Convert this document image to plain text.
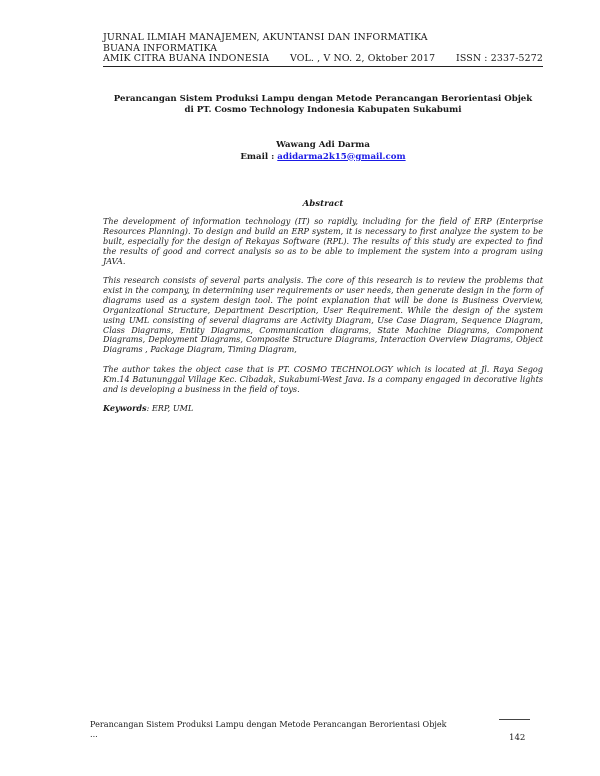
JURNAL ILMIAH MANAJEMEN, AKUNTANSI DAN INFORMATIKA
BUANA INFORMATIKA
AMIK CITRA BUANA INDONESIA VOL. , V NO. 2, Oktober 2017 ISSN : 2337-5272
Perancangan Sistem Produksi Lampu dengan Metode Perancangan Berorientasi Objek
di PT. Cosmo Technology Indonesia Kabupaten Sukabumi
Wawang Adi Darma
Email : adidarma2k15@gmail.com
Abstract

The development of information technology (IT) so rapidly, including for the field of ERP (Enterprise Resources Planning). To design and build an ERP system, it is necessary to first analyze the system to be built, especially for the design of Rekayas Software (RPL). The results of this study are expected to find the results of good and correct analysis so as to be able to implement the system into a program using JAVA.

This research consists of several parts analysis. The core of this research is to review the problems that exist in the company, in determining user requirements or user needs, then generate design in the form of diagrams used as a system design tool. The point explanation that will be done is Business Overview, Organizational Structure, Department Description, User Requirement. While the design of the system using UML consisting of several diagrams are Activity Diagram, Use Case Diagram, Sequence Diagram, Class Diagrams, Entity Diagrams, Communication diagrams, State Machine Diagrams, Component Diagrams, Deployment Diagrams, Composite Structure Diagrams, Interaction Overview Diagrams, Object Diagrams , Package Diagram, Timing Diagram,

The author takes the object case that is PT. COSMO TECHNOLOGY which is located at Jl. Raya Segog Km.14 Batununggal Village Kec. Cibadak, Sukabumi-West Java. Is a company engaged in decorative lights and is developing a business in the field of toys.

Keywords: ERP, UML

Perancangan Sistem Produksi Lampu dengan Metode Perancangan Berorientasi Objek
...	142
